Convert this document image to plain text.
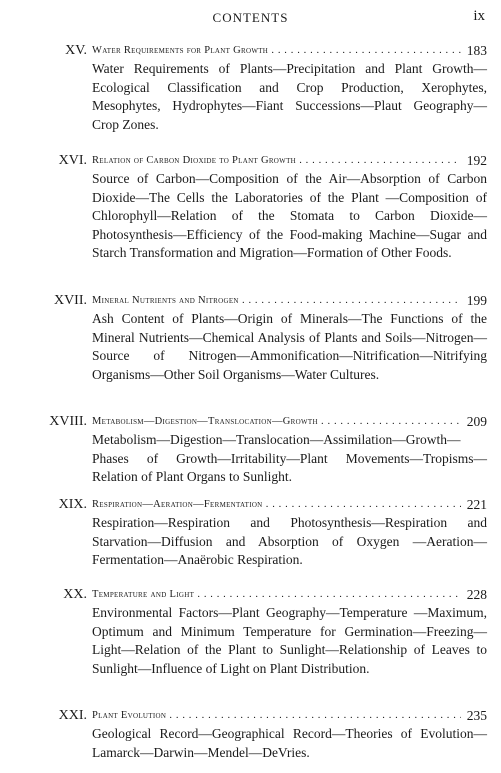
CONTENTS	ix
XV. Water Requirements for Plant Growth . . .	183

Water Requirements of Plants—Precipitation and Plant Growth—Ecological Classification and Crop Production, Xerophytes, Mesophytes, Hydrophytes—Fiant Successions—Plaut Geography—Crop Zones.

XVI. Relation of Carbon Dioxide to Plant Growth . . .	192

Source of Carbon—Composition of the Air—Absorption of Carbon Dioxide—The Cells the Laboratories of the Plant —Composition of Chlorophyll—Relation of the Stomata to Carbon Dioxide—Photosynthesis—Efficiency of the Food-making Machine—Sugar and Starch Transformation and Migration—Formation of Other Foods.

XVII. Mineral Nutrients and Nitrogen . . .	199

Ash Content of Plants—Origin of Minerals—The Functions of the Mineral Nutrients—Chemical Analysis of Plants and Soils—Nitrogen—Source of Nitrogen—Ammonification—Nitrification—Nitrifying Organisms—Other Soil Organisms—Water Cultures.

XVIII. Metabolism—Digestion—Translocation—Growth . . .	209

Metabolism—Digestion—Translocation—Assimilation—Growth—Phases of Growth—Irritability—Plant Movements—Tropisms—Relation of Plant Organs to Sunlight.

XIX. Respiration—Aeration—Fermentation . . .	221

Respiration—Respiration and Photosynthesis—Respiration and Starvation—Diffusion and Absorption of Oxygen —Aeration—Fermentation—Anaërobic Respiration.

XX. Temperature and Light . . .	228

Environmental Factors—Plant Geography—Temperature —Maximum, Optimum and Minimum Temperature for Germination—Freezing—Light—Relation of the Plant to Sunlight—Relationship of Leaves to Sunlight—Influence of Light on Plant Distribution.

XXI. Plant Evolution . . .	235

Geological Record—Geographical Record—Theories of Evolution—Lamarck—Darwin—Mendel—DeVries.
